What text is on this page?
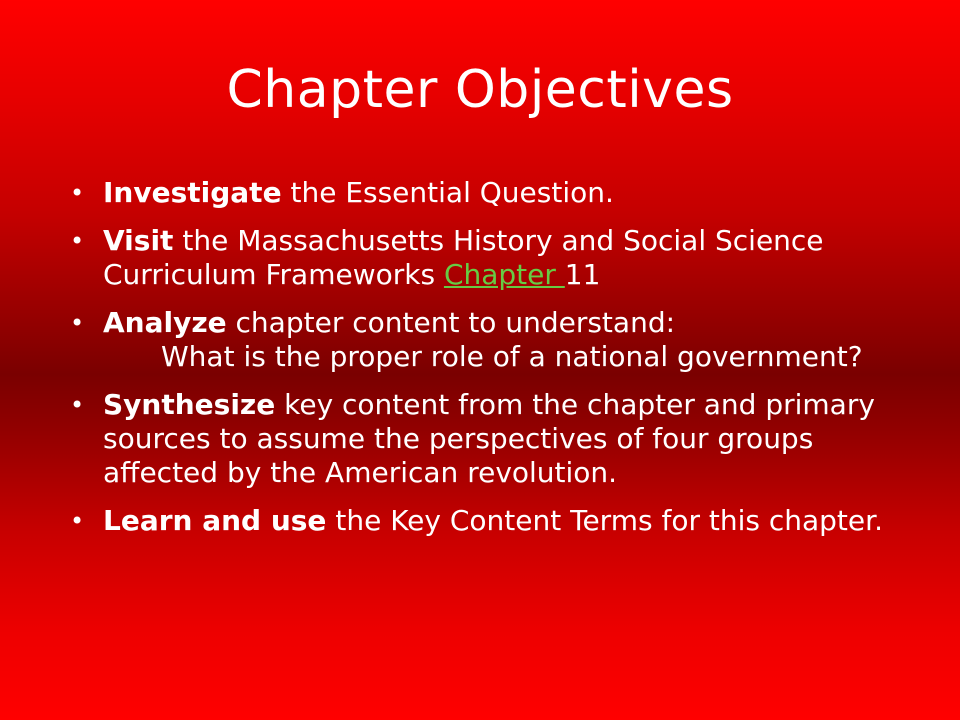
Chapter Objectives
• Investigate the Essential Question.
• Visit the Massachusetts History and Social Science Curriculum Frameworks Chapter 11
• Analyze chapter content to understand:
What is the proper role of a national government?
• Synthesize key content from the chapter and primary sources to assume the perspectives of four groups affected by the American revolution.
• Learn and use the Key Content Terms for this chapter.
